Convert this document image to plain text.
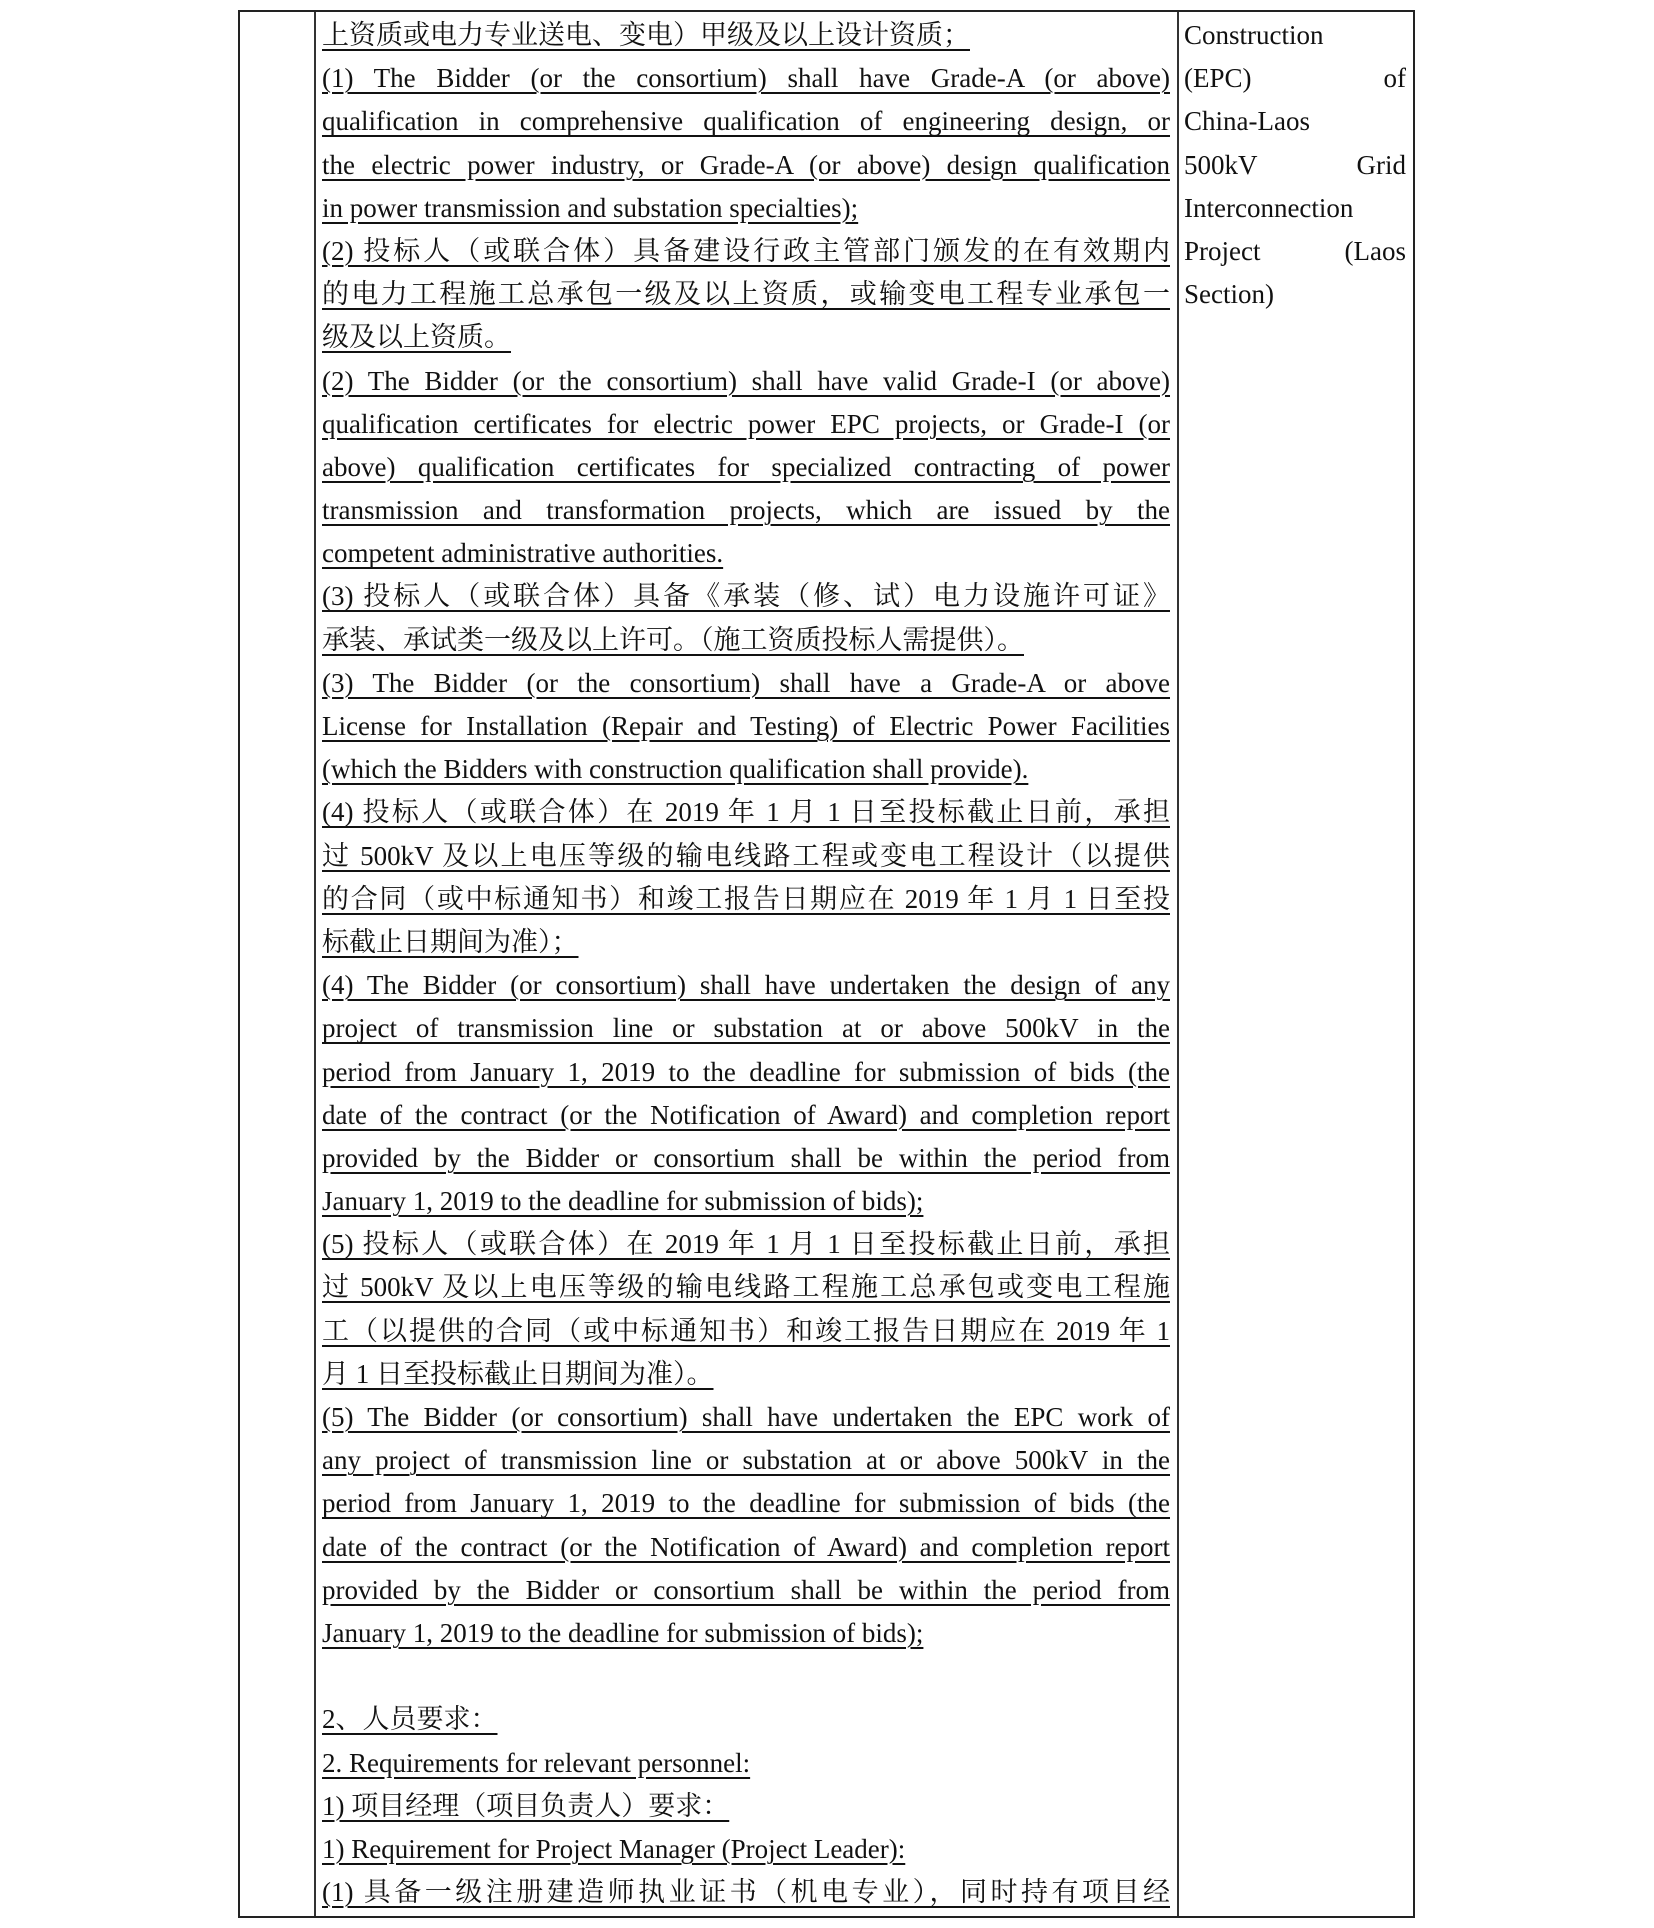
上资质或电力专业送电、变电）甲级及以上设计资质；
(1) The Bidder (or the consortium) shall have Grade-A (or above)
qualification in comprehensive qualification of engineering design, or
the electric power industry, or Grade-A (or above) design qualification
in power transmission and substation specialties);
(2) 投标人（或联合体）具备建设行政主管部门颁发的在有效期内
的电力工程施工总承包一级及以上资质，或输变电工程专业承包一
级及以上资质。
(2) The Bidder (or the consortium) shall have valid Grade-I (or above)
qualification certificates for electric power EPC projects, or Grade-I (or
above) qualification certificates for specialized contracting of power
transmission and transformation projects, which are issued by the
competent administrative authorities.
(3) 投标人（或联合体）具备《承装（修、试）电力设施许可证》
承装、承试类一级及以上许可。（施工资质投标人需提供）。
(3) The Bidder (or the consortium) shall have a Grade-A or above
License for Installation (Repair and Testing) of Electric Power Facilities
(which the Bidders with construction qualification shall provide).
(4) 投标人（或联合体）在 2019 年 1 月 1 日至投标截止日前，承担
过 500kV 及以上电压等级的输电线路工程或变电工程设计（以提供
的合同（或中标通知书）和竣工报告日期应在 2019 年 1 月 1 日至投
标截止日期间为准）；
(4) The Bidder (or consortium) shall have undertaken the design of any
project of transmission line or substation at or above 500kV in the
period from January 1, 2019 to the deadline for submission of bids (the
date of the contract (or the Notification of Award) and completion report
provided by the Bidder or consortium shall be within the period from
January 1, 2019 to the deadline for submission of bids);
(5) 投标人（或联合体）在 2019 年 1 月 1 日至投标截止日前，承担
过 500kV 及以上电压等级的输电线路工程施工总承包或变电工程施
工（以提供的合同（或中标通知书）和竣工报告日期应在 2019 年 1
月 1 日至投标截止日期间为准）。
(5) The Bidder (or consortium) shall have undertaken the EPC work of
any project of transmission line or substation at or above 500kV in the
period from January 1, 2019 to the deadline for submission of bids (the
date of the contract (or the Notification of Award) and completion report
provided by the Bidder or consortium shall be within the period from
January 1, 2019 to the deadline for submission of bids);
2、人员要求：
2. Requirements for relevant personnel:
1) 项目经理（项目负责人）要求：
1) Requirement for Project Manager (Project Leader):
(1) 具备一级注册建造师执业证书（机电专业），同时持有项目经
Construction
(EPC) of
China-Laos
500kV Grid
Interconnection
Project (Laos
Section)
